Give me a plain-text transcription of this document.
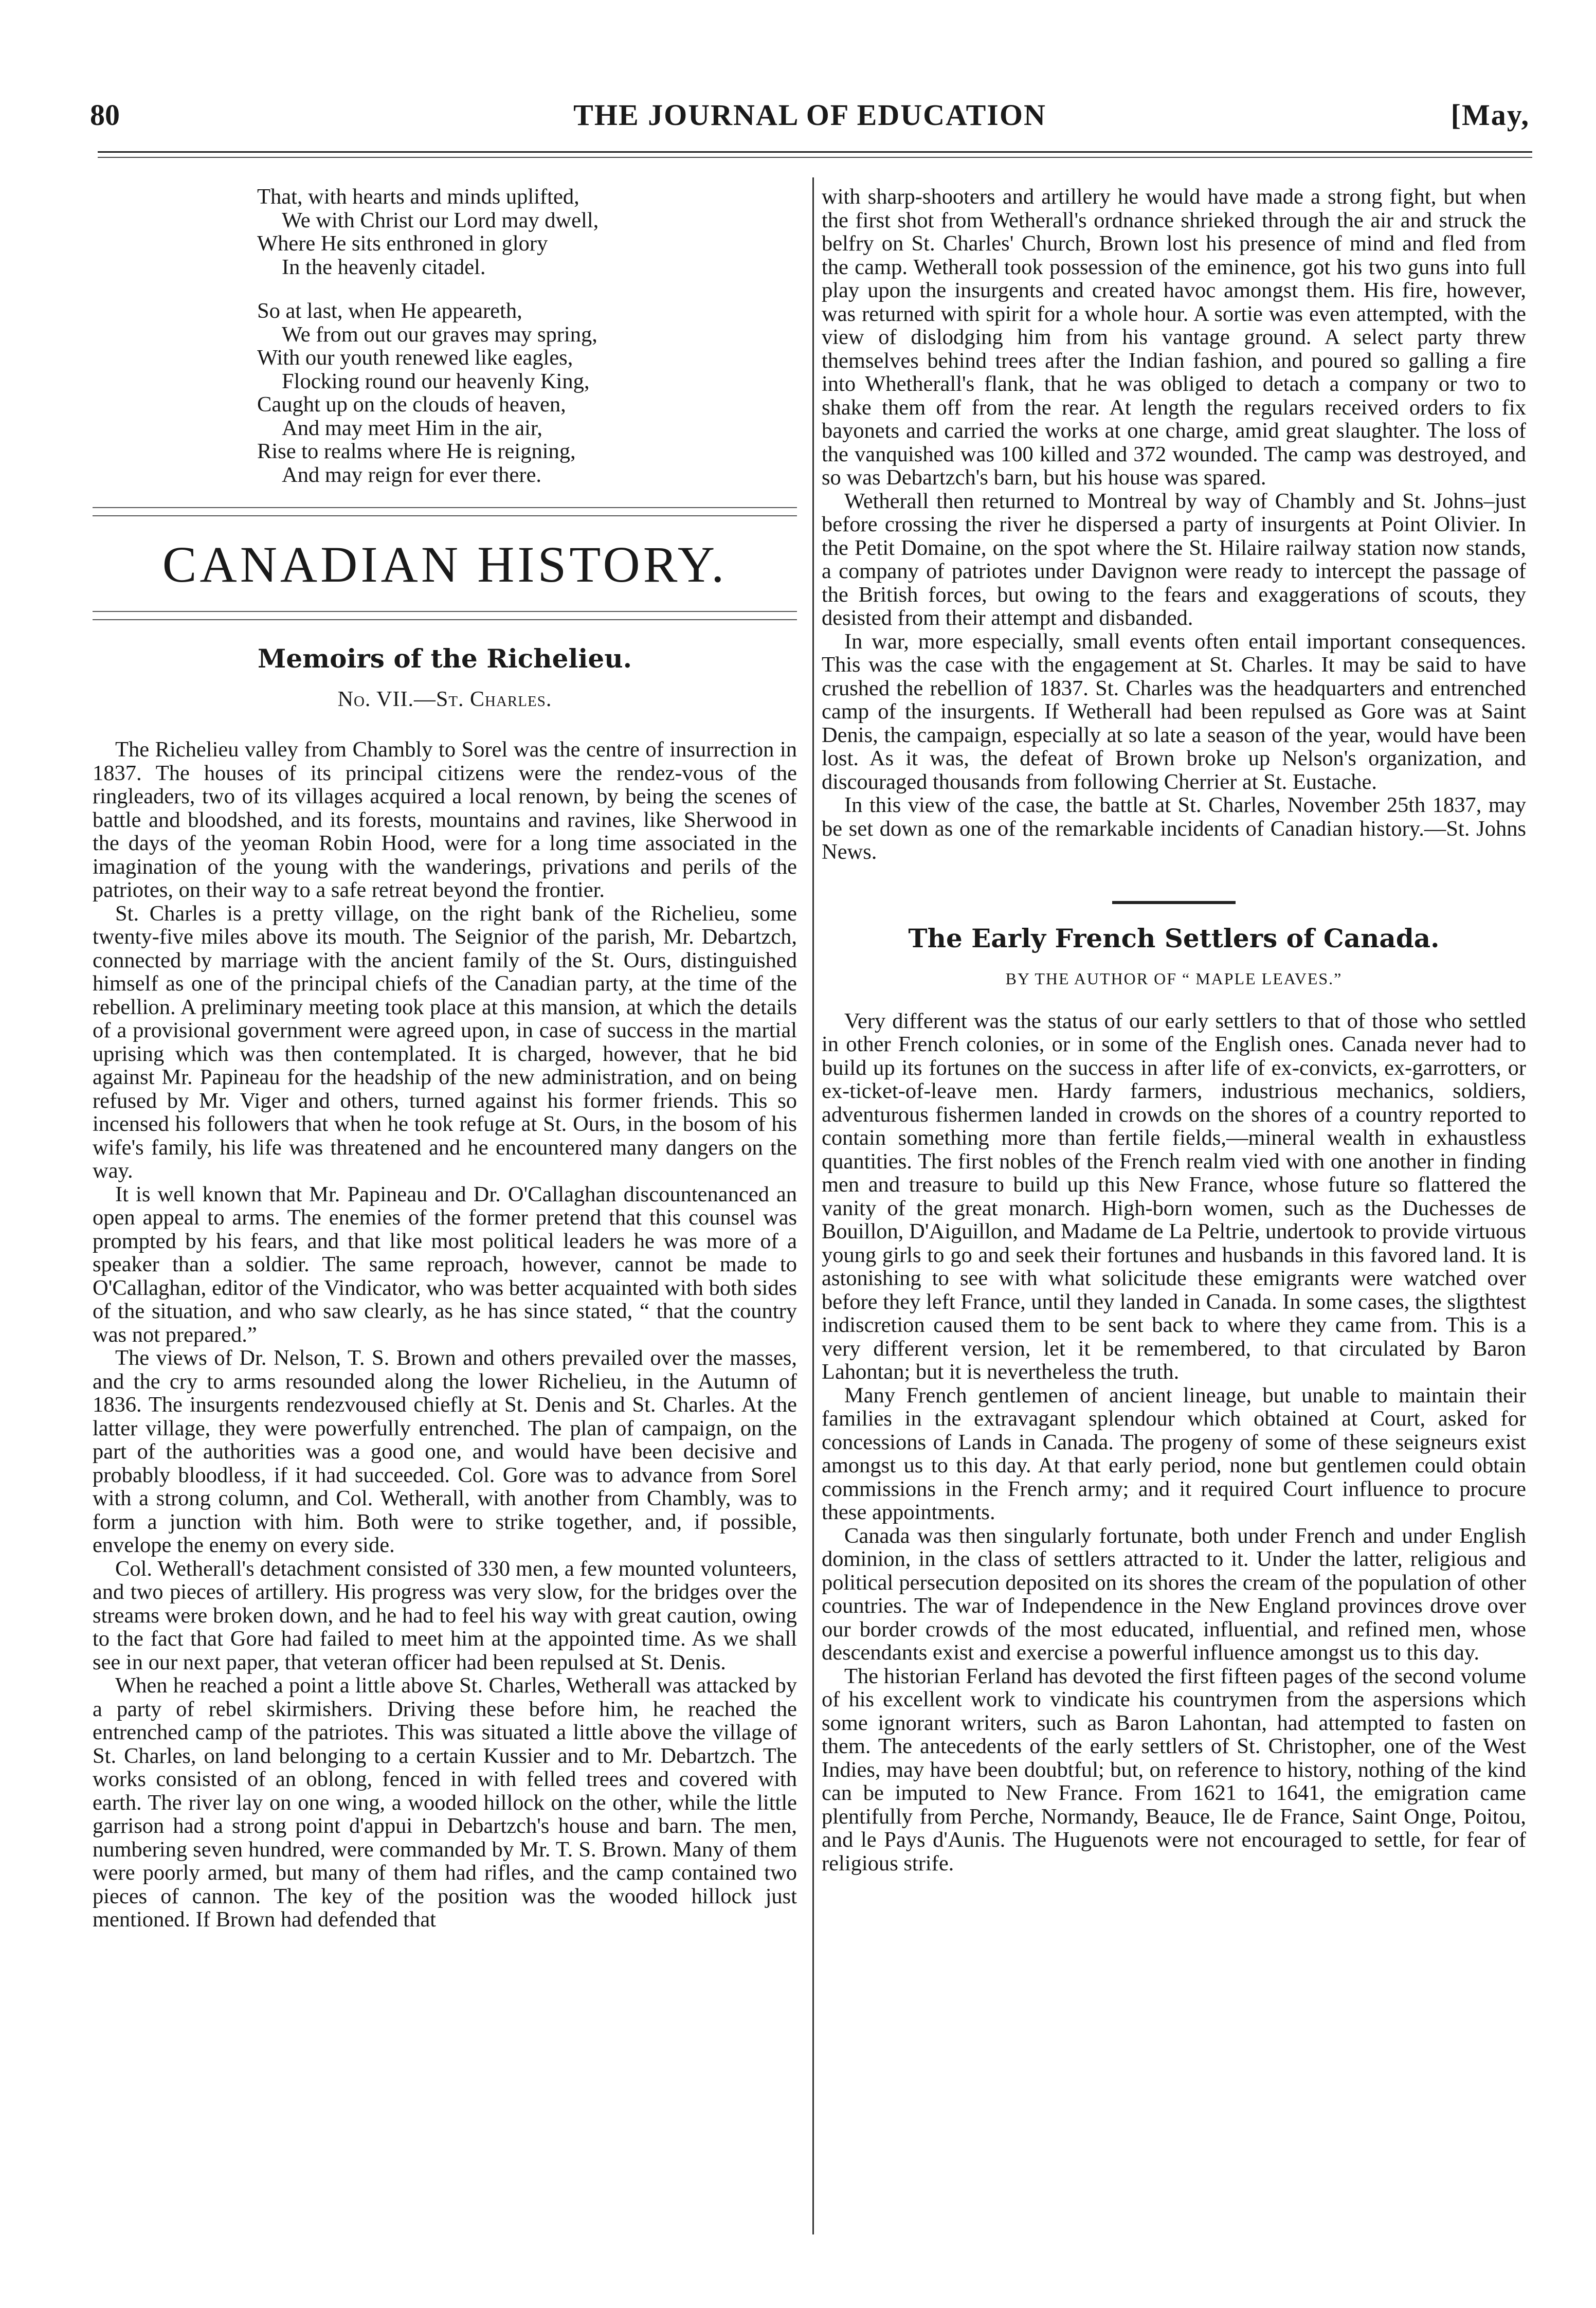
80	THE JOURNAL OF EDUCATION	[May,
That, with hearts and minds uplifted,
We with Christ our Lord may dwell,
Where He sits enthroned in glory
In the heavenly citadel.
So at last, when He appeareth,
We from out our graves may spring,
With our youth renewed like eagles,
Flocking round our heavenly King,
Caught up on the clouds of heaven,
And may meet Him in the air,
Rise to realms where He is reigning,
And may reign for ever there.
CANADIAN HISTORY.
Memoirs of the Richelieu.
No. VII.—St. Charles.

The Richelieu valley from Chambly to Sorel was the centre of insurrection in 1837. The houses of its principal citizens were the rendez-vous of the ringleaders, two of its villages acquired a local renown, by being the scenes of battle and bloodshed, and its forests, mountains and ravines, like Sherwood in the days of the yeoman Robin Hood, were for a long time associated in the imagination of the young with the wanderings, privations and perils of the patriotes, on their way to a safe retreat beyond the frontier.

St. Charles is a pretty village, on the right bank of the Richelieu, some twenty-five miles above its mouth. The Seignior of the parish, Mr. Debartzch, connected by marriage with the ancient family of the St. Ours, distinguished himself as one of the principal chiefs of the Canadian party, at the time of the rebellion. A preliminary meeting took place at this mansion, at which the details of a provisional government were agreed upon, in case of success in the martial uprising which was then contemplated. It is charged, however, that he bid against Mr. Papineau for the headship of the new administration, and on being refused by Mr. Viger and others, turned against his former friends. This so incensed his followers that when he took refuge at St. Ours, in the bosom of his wife's family, his life was threatened and he encountered many dangers on the way.

It is well known that Mr. Papineau and Dr. O'Callaghan discountenanced an open appeal to arms. The enemies of the former pretend that this counsel was prompted by his fears, and that like most political leaders he was more of a speaker than a soldier. The same reproach, however, cannot be made to O'Callaghan, editor of the Vindicator, who was better acquainted with both sides of the situation, and who saw clearly, as he has since stated, “ that the country was not prepared.”

The views of Dr. Nelson, T. S. Brown and others prevailed over the masses, and the cry to arms resounded along the lower Richelieu, in the Autumn of 1836. The insurgents rendezvoused chiefly at St. Denis and St. Charles. At the latter village, they were powerfully entrenched. The plan of campaign, on the part of the authorities was a good one, and would have been decisive and probably bloodless, if it had succeeded. Col. Gore was to advance from Sorel with a strong column, and Col. Wetherall, with another from Chambly, was to form a junction with him. Both were to strike together, and, if possible, envelope the enemy on every side.

Col. Wetherall's detachment consisted of 330 men, a few mounted volunteers, and two pieces of artillery. His progress was very slow, for the bridges over the streams were broken down, and he had to feel his way with great caution, owing to the fact that Gore had failed to meet him at the appointed time. As we shall see in our next paper, that veteran officer had been repulsed at St. Denis.

When he reached a point a little above St. Charles, Wetherall was attacked by a party of rebel skirmishers. Driving these before him, he reached the entrenched camp of the patriotes. This was situated a little above the village of St. Charles, on land belonging to a certain Kussier and to Mr. Debartzch. The works consisted of an oblong, fenced in with felled trees and covered with earth. The river lay on one wing, a wooded hillock on the other, while the little garrison had a strong point d'appui in Debartzch's house and barn. The men, numbering seven hundred, were commanded by Mr. T. S. Brown. Many of them were poorly armed, but many of them had rifles, and the camp contained two pieces of cannon. The key of the position was the wooded hillock just mentioned. If Brown had defended that

with sharp-shooters and artillery he would have made a strong fight, but when the first shot from Wetherall's ordnance shrieked through the air and struck the belfry on St. Charles' Church, Brown lost his presence of mind and fled from the camp. Wetherall took possession of the eminence, got his two guns into full play upon the insurgents and created havoc amongst them. His fire, however, was returned with spirit for a whole hour. A sortie was even attempted, with the view of dislodging him from his vantage ground. A select party threw themselves behind trees after the Indian fashion, and poured so galling a fire into Whetherall's flank, that he was obliged to detach a company or two to shake them off from the rear. At length the regulars received orders to fix bayonets and carried the works at one charge, amid great slaughter. The loss of the vanquished was 100 killed and 372 wounded. The camp was destroyed, and so was Debartzch's barn, but his house was spared.

Wetherall then returned to Montreal by way of Chambly and St. Johns–just before crossing the river he dispersed a party of insurgents at Point Olivier. In the Petit Domaine, on the spot where the St. Hilaire railway station now stands, a company of patriotes under Davignon were ready to intercept the passage of the British forces, but owing to the fears and exaggerations of scouts, they desisted from their attempt and disbanded.

In war, more especially, small events often entail important consequences. This was the case with the engagement at St. Charles. It may be said to have crushed the rebellion of 1837. St. Charles was the headquarters and entrenched camp of the insurgents. If Wetherall had been repulsed as Gore was at Saint Denis, the campaign, especially at so late a season of the year, would have been lost. As it was, the defeat of Brown broke up Nelson's organization, and discouraged thousands from following Cherrier at St. Eustache.

In this view of the case, the battle at St. Charles, November 25th 1837, may be set down as one of the remarkable incidents of Canadian history.—St. Johns News.

The Early French Settlers of Canada.
BY THE AUTHOR OF “ MAPLE LEAVES.”

Very different was the status of our early settlers to that of those who settled in other French colonies, or in some of the English ones. Canada never had to build up its fortunes on the success in after life of ex-convicts, ex-garrotters, or ex-ticket-of-leave men. Hardy farmers, industrious mechanics, soldiers, adventurous fishermen landed in crowds on the shores of a country reported to contain something more than fertile fields,—mineral wealth in exhaustless quantities. The first nobles of the French realm vied with one another in finding men and treasure to build up this New France, whose future so flattered the vanity of the great monarch. High-born women, such as the Duchesses de Bouillon, D'Aiguillon, and Madame de La Peltrie, undertook to provide virtuous young girls to go and seek their fortunes and husbands in this favored land. It is astonishing to see with what solicitude these emigrants were watched over before they left France, until they landed in Canada. In some cases, the sligthtest indiscretion caused them to be sent back to where they came from. This is a very different version, let it be remembered, to that circulated by Baron Lahontan; but it is nevertheless the truth.

Many French gentlemen of ancient lineage, but unable to maintain their families in the extravagant splendour which obtained at Court, asked for concessions of Lands in Canada. The progeny of some of these seigneurs exist amongst us to this day. At that early period, none but gentlemen could obtain commissions in the French army; and it required Court influence to procure these appointments.

Canada was then singularly fortunate, both under French and under English dominion, in the class of settlers attracted to it. Under the latter, religious and political persecution deposited on its shores the cream of the population of other countries. The war of Independence in the New England provinces drove over our border crowds of the most educated, influential, and refined men, whose descendants exist and exercise a powerful influence amongst us to this day.

The historian Ferland has devoted the first fifteen pages of the second volume of his excellent work to vindicate his countrymen from the aspersions which some ignorant writers, such as Baron Lahontan, had attempted to fasten on them. The antecedents of the early settlers of St. Christopher, one of the West Indies, may have been doubtful; but, on reference to history, nothing of the kind can be imputed to New France. From 1621 to 1641, the emigration came plentifully from Perche, Normandy, Beauce, Ile de France, Saint Onge, Poitou, and le Pays d'Aunis. The Huguenots were not encouraged to settle, for fear of religious strife.
